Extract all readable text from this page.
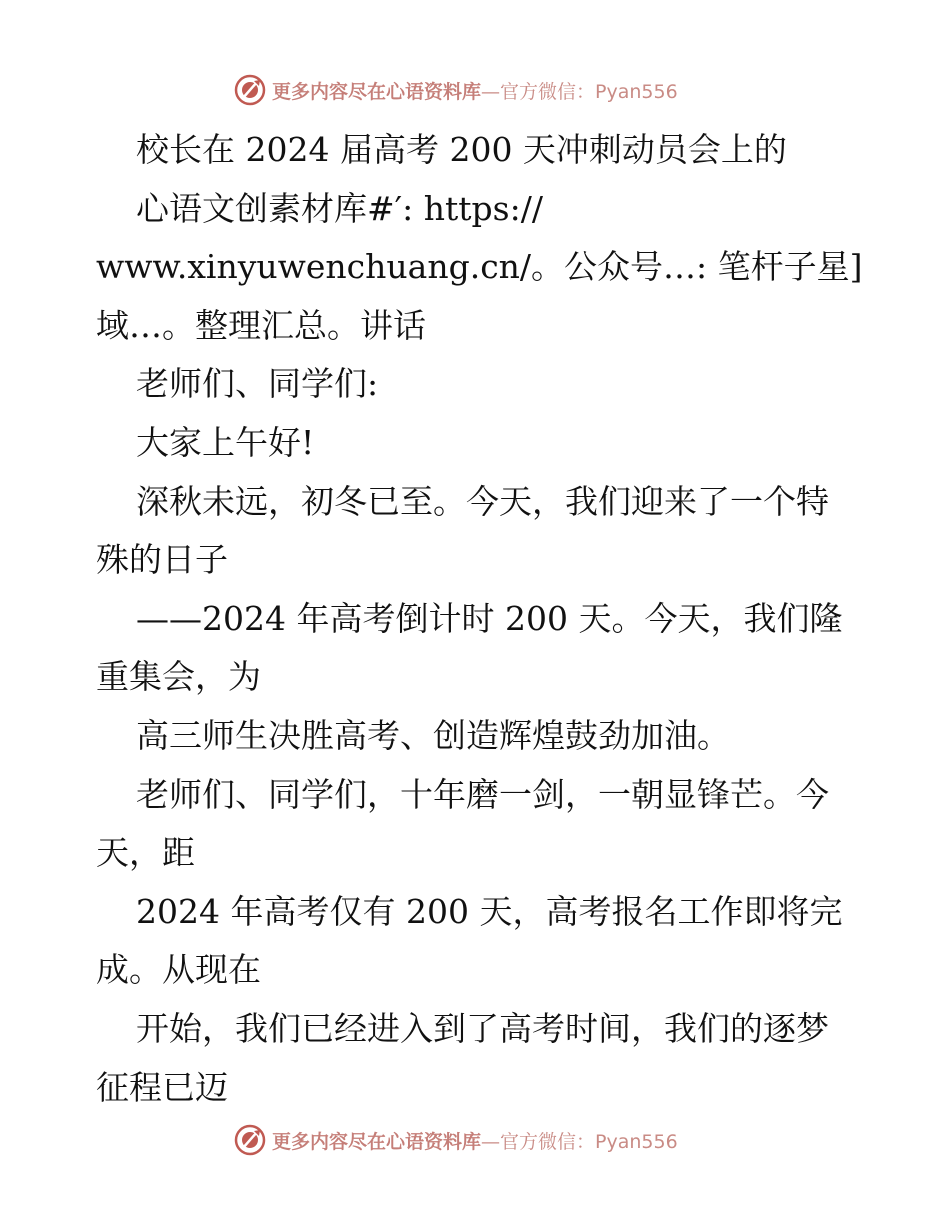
更多内容尽在心语资料库—官方微信：Pyan556
校长在 2024 届高考 200 天冲刺动员会上的
心语文创素材库#′: https://
www.xinyuwenchuang.cn/。公众号…: 笔杆子星]
域…。整理汇总。讲话
老师们、同学们:
大家上午好!
深秋未远，初冬已至。今天，我们迎来了一个特
殊的日子
——2024 年高考倒计时 200 天。今天，我们隆
重集会，为
高三师生决胜高考、创造辉煌鼓劲加油。
老师们、同学们，十年磨一剑，一朝显锋芒。今
天，距
2024 年高考仅有 200 天，高考报名工作即将完
成。从现在
开始，我们已经进入到了高考时间，我们的逐梦
征程已迈
更多内容尽在心语资料库—官方微信：Pyan556
